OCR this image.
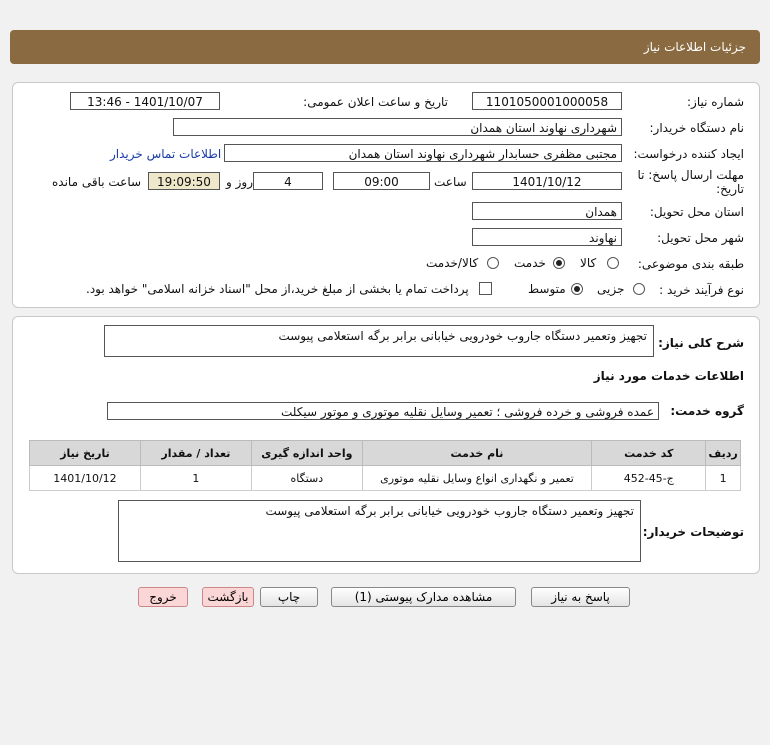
جزئیات اطلاعات نیاز
شماره نیاز:
1101050001000058
تاریخ و ساعت اعلان عمومی:
1401/10/07 - 13:46
نام دستگاه خریدار:
شهرداری نهاوند استان همدان
ایجاد کننده درخواست:
مجتبی مظفری حسابدار شهرداری نهاوند استان همدان
اطلاعات تماس خریدار
مهلت ارسال پاسخ: تا
تاریخ:
1401/10/12
ساعت
09:00
4
روز و
19:09:50
ساعت باقی مانده
استان محل تحویل:
همدان
شهر محل تحویل:
نهاوند
طبقه بندی موضوعی:
کالا
خدمت
کالا/خدمت
نوع فرآیند خرید :
جزیی
متوسط
پرداخت تمام یا بخشی از مبلغ خرید،از محل "اسناد خزانه اسلامی" خواهد بود.
شرح کلی نیاز:
تجهیز وتعمیر دستگاه جاروب خودرویی خیابانی برابر برگه استعلامی پیوست
اطلاعات خدمات مورد نیاز
گروه خدمت:
عمده فروشی و خرده فروشی ؛ تعمیر وسایل نقلیه موتوری و موتور سیکلت
ردیف	کد خدمت	نام خدمت	واحد اندازه گیری	تعداد / مقدار	تاریخ نیاز
1	ج-45-452	تعمیر و نگهداری انواع وسایل نقلیه موتوری	دستگاه	1	1401/10/12
توضیحات خریدار:
تجهیز وتعمیر دستگاه جاروب خودرویی خیابانی برابر برگه استعلامی پیوست
پاسخ به نیاز
مشاهده مدارک پیوستی (1)
چاپ
بازگشت
خروج
